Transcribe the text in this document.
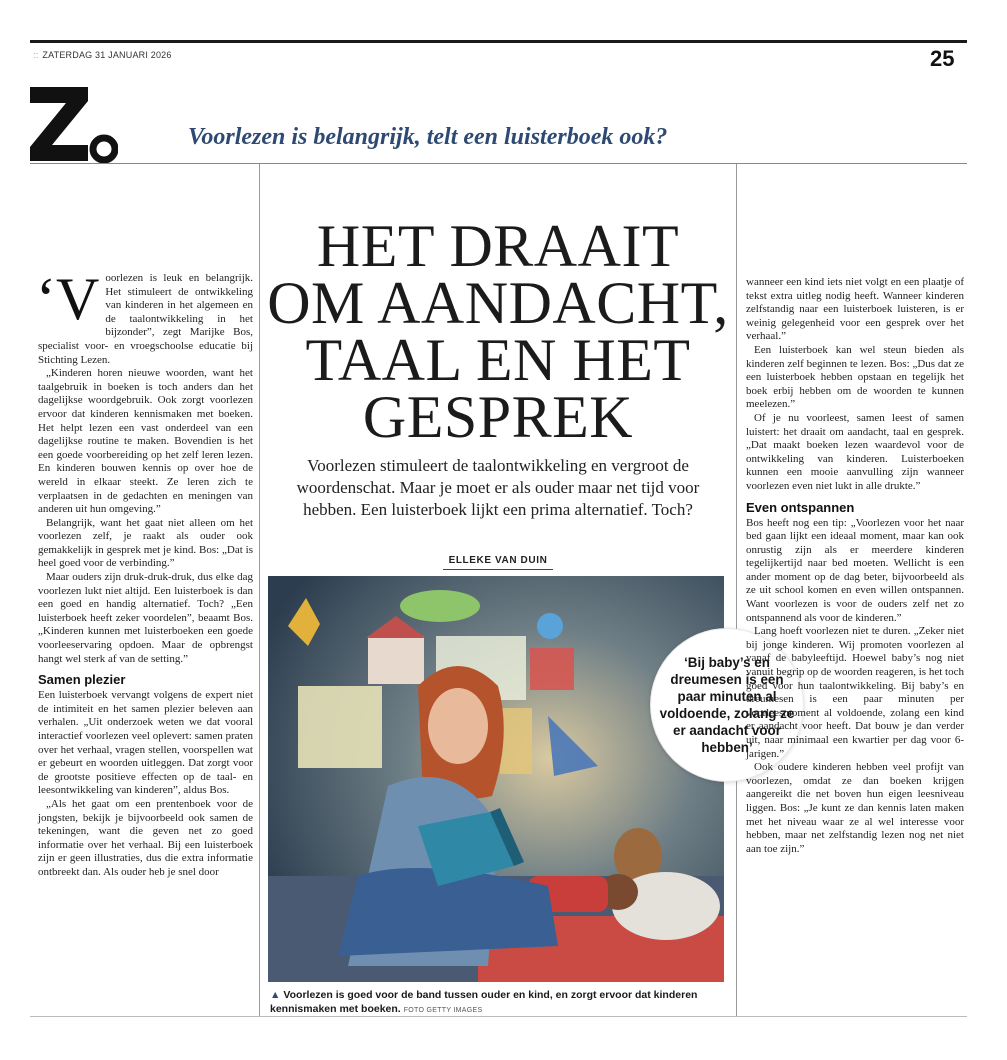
:: ZATERDAG 31 JANUARI 2026	25
Voorlezen is belangrijk, telt een luisterboek ook?
HET DRAAIT OM AANDACHT, TAAL EN HET GESPREK

Voorlezen stimuleert de taalontwikkeling en vergroot de woordenschat. Maar je moet er als ouder maar net tijd voor hebben. Een luisterboek lijkt een prima alternatief. Toch?

ELLEKE VAN DUIN

‘Voorlezen is leuk en belangrijk. Het stimuleert de ontwikkeling van kinderen in het algemeen en de taalontwikkeling in het bijzonder”, zegt Marijke Bos, specialist voor- en vroegschoolse educatie bij Stichting Lezen.

„Kinderen horen nieuwe woorden, want het taalgebruik in boeken is toch anders dan het dagelijkse woordgebruik. Ook zorgt voorlezen ervoor dat kinderen kennismaken met boeken. Het helpt lezen een vast onderdeel van een dagelijkse routine te maken. Bovendien is het een goede voorbereiding op het zelf leren lezen. En kinderen bouwen kennis op over hoe de wereld in elkaar steekt. Ze leren zich te verplaatsen in de gedachten en meningen van anderen uit hun omgeving.”

Belangrijk, want het gaat niet alleen om het voorlezen zelf, je raakt als ouder ook gemakkelijk in gesprek met je kind. Bos: „Dat is heel goed voor de verbinding.”

Maar ouders zijn druk-druk-druk, dus elke dag voorlezen lukt niet altijd. Een luisterboek is dan een goed en handig alternatief. Toch? „Een luisterboek heeft zeker voordelen”, beaamt Bos. „Kinderen kunnen met luisterboeken een goede voorleeservaring opdoen. Maar de opbrengst hangt wel sterk af van de setting.”

Samen plezier

Een luisterboek vervangt volgens de expert niet de intimiteit en het samen plezier beleven aan verhalen. „Uit onderzoek weten we dat vooral interactief voorlezen veel oplevert: samen praten over het verhaal, vragen stellen, voorspellen wat er gebeurt en woorden uitleggen. Dat zorgt voor de grootste positieve effecten op de taal- en leesontwikkeling van kinderen”, aldus Bos.

„Als het gaat om een prentenboek voor de jongsten, bekijk je bijvoorbeeld ook samen de tekeningen, want die geven net zo goed informatie over het verhaal. Bij een luisterboek zijn er geen illustraties, dus die extra informatie ontbreekt dan. Als ouder heb je snel door

‘Bij baby’s en dreumesen is een paar minuten al voldoende, zolang ze er aandacht voor hebben’
▲ Voorlezen is goed voor de band tussen ouder en kind, en zorgt ervoor dat kinderen kennismaken met boeken. FOTO GETTY IMAGES

wanneer een kind iets niet volgt en een plaatje of tekst extra uitleg nodig heeft. Wanneer kinderen zelfstandig naar een luisterboek luisteren, is er weinig gelegenheid voor een gesprek over het verhaal.”

Een luisterboek kan wel steun bieden als kinderen zelf beginnen te lezen. Bos: „Dus dat ze een luisterboek hebben opstaan en tegelijk het boek erbij hebben om de woorden te kunnen meelezen.”

Of je nu voorleest, samen leest of samen luistert: het draait om aandacht, taal en gesprek. „Dat maakt boeken lezen waardevol voor de ontwikkeling van kinderen. Luisterboeken kunnen een mooie aanvulling zijn wanneer voorlezen even niet lukt in alle drukte.”

Even ontspannen

Bos heeft nog een tip: „Voorlezen voor het naar bed gaan lijkt een ideaal moment, maar kan ook onrustig zijn als er meerdere kinderen tegelijkertijd naar bed moeten. Wellicht is een ander moment op de dag beter, bijvoorbeeld als ze uit school komen en even willen ontspannen. Want voorlezen is voor de ouders zelf net zo ontspannend als voor de kinderen.”

Lang hoeft voorlezen niet te duren. „Zeker niet bij jonge kinderen. Wij promoten voorlezen al vanaf de babyleeftijd. Hoewel baby’s nog niet vanuit begrip op de woorden reageren, is het toch goed voor hun taalontwikkeling. Bij baby’s en dreumesen is een paar minuten per voorleesmoment al voldoende, zolang een kind er aandacht voor heeft. Dat bouw je dan verder uit, naar minimaal een kwartier per dag voor 6-jarigen.”

Ook oudere kinderen hebben veel profijt van voorlezen, omdat ze dan boeken krijgen aangereikt die net boven hun eigen leesniveau liggen. Bos: „Je kunt ze dan kennis laten maken met het niveau waar ze al wel interesse voor hebben, maar net zelfstandig lezen nog net niet aan toe zijn.”
